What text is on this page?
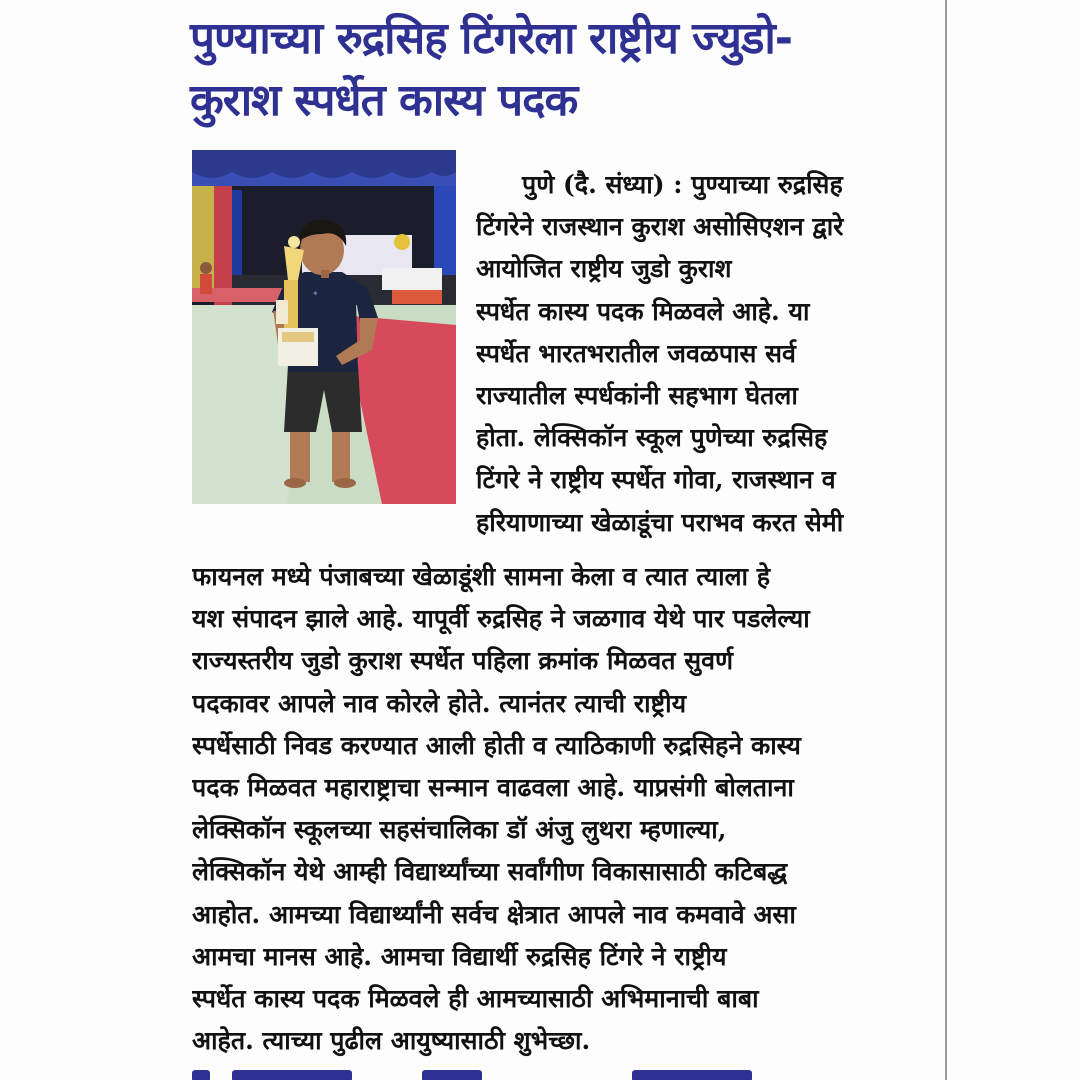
पुण्याच्या रुद्रसिह टिंगरेला राष्ट्रीय ज्युडो-
कुराश स्पर्धेत कास्य पदक
✦
पुणे (दै. संध्या) : पुण्याच्या रुद्रसिह
टिंगरेने राजस्थान कुराश असोसिएशन द्वारे
आयोजित राष्ट्रीय जुडो कुराश
स्पर्धेत कास्य पदक मिळवले आहे. या
स्पर्धेत भारतभरातील जवळपास सर्व
राज्यातील स्पर्धकांनी सहभाग घेतला
होता. लेक्सिकॉन स्कूल पुणेच्या रुद्रसिह
टिंगरे ने राष्ट्रीय स्पर्धेत गोवा, राजस्थान व
हरियाणाच्या खेळाडूंचा पराभव करत सेमी
फायनल मध्ये पंजाबच्या खेळाडूंशी सामना केला व त्यात त्याला हे
यश संपादन झाले आहे. यापूर्वी रुद्रसिह ने जळगाव येथे पार पडलेल्या
राज्यस्तरीय जुडो कुराश स्पर्धेत पहिला क्रमांक मिळवत सुवर्ण
पदकावर आपले नाव कोरले होते. त्यानंतर त्याची राष्ट्रीय
स्पर्धेसाठी निवड करण्यात आली होती व त्याठिकाणी रुद्रसिहने कास्य
पदक मिळवत महाराष्ट्राचा सन्मान वाढवला आहे. याप्रसंगी बोलताना
लेक्सिकॉन स्कूलच्या सहसंचालिका डॉ अंजु लुथरा म्हणाल्या,
लेक्सिकॉन येथे आम्ही विद्यार्थ्यांच्या सर्वांगीण विकासासाठी कटिबद्ध
आहोत. आमच्या विद्यार्थ्यांनी सर्वच क्षेत्रात आपले नाव कमवावे असा
आमचा मानस आहे. आमचा विद्यार्थी रुद्रसिह टिंगरे ने राष्ट्रीय
स्पर्धेत कास्य पदक मिळवले ही आमच्यासाठी अभिमानाची बाबा
आहेत. त्याच्या पुढील आयुष्यासाठी शुभेच्छा.
